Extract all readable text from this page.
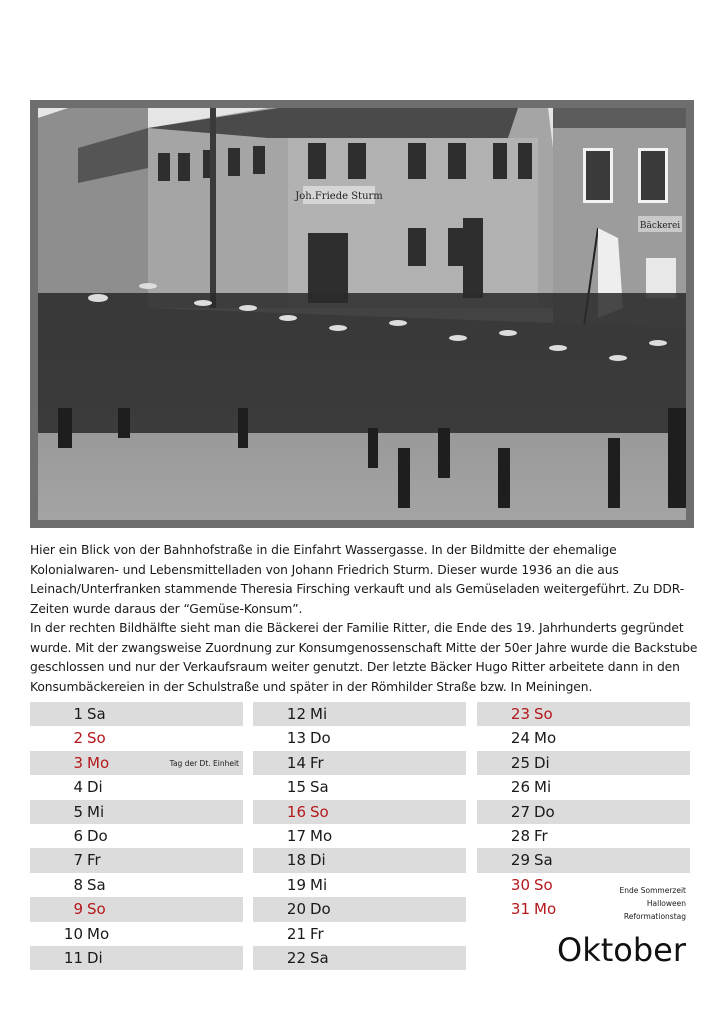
Joh.Friede Sturm
Bäckerei

Hier ein Blick von der Bahnhofstraße in die Einfahrt Wassergasse. In der Bildmitte der ehemalige Kolonialwaren- und Lebensmittelladen von Johann Friedrich Sturm. Dieser wurde 1936 an die aus Leinach/Unterfranken stammende Theresia Firsching verkauft und als Gemüseladen weitergeführt. Zu DDR-Zeiten wurde daraus der “Gemüse-Konsum”.

In der rechten Bildhälfte sieht man die Bäckerei der Familie Ritter, die Ende des 19. Jahrhunderts gegründet wurde. Mit der zwangsweise Zuordnung zur Konsumgenossenschaft Mitte der 50er Jahre wurde die Backstube geschlossen und nur der Verkaufsraum weiter genutzt. Der letzte Bäcker Hugo Ritter arbeitete dann in den Konsumbäckereien in der Schulstraße und später in der Römhilder Straße bzw. In Meiningen.

1 Sa
2 So
3 Mo	Tag der Dt. Einheit
4 Di
5 Mi
6 Do
7 Fr
8 Sa
9 So
10 Mo
11 Di
12 Mi
13 Do
14 Fr
15 Sa
16 So
17 Mo
18 Di
19 Mi
20 Do
21 Fr
22 Sa
23 So
24 Mo
25 Di
26 Mi
27 Do
28 Fr
29 Sa
30 So
31 Mo
Ende Sommerzeit
Halloween
Reformationstag
Oktober
